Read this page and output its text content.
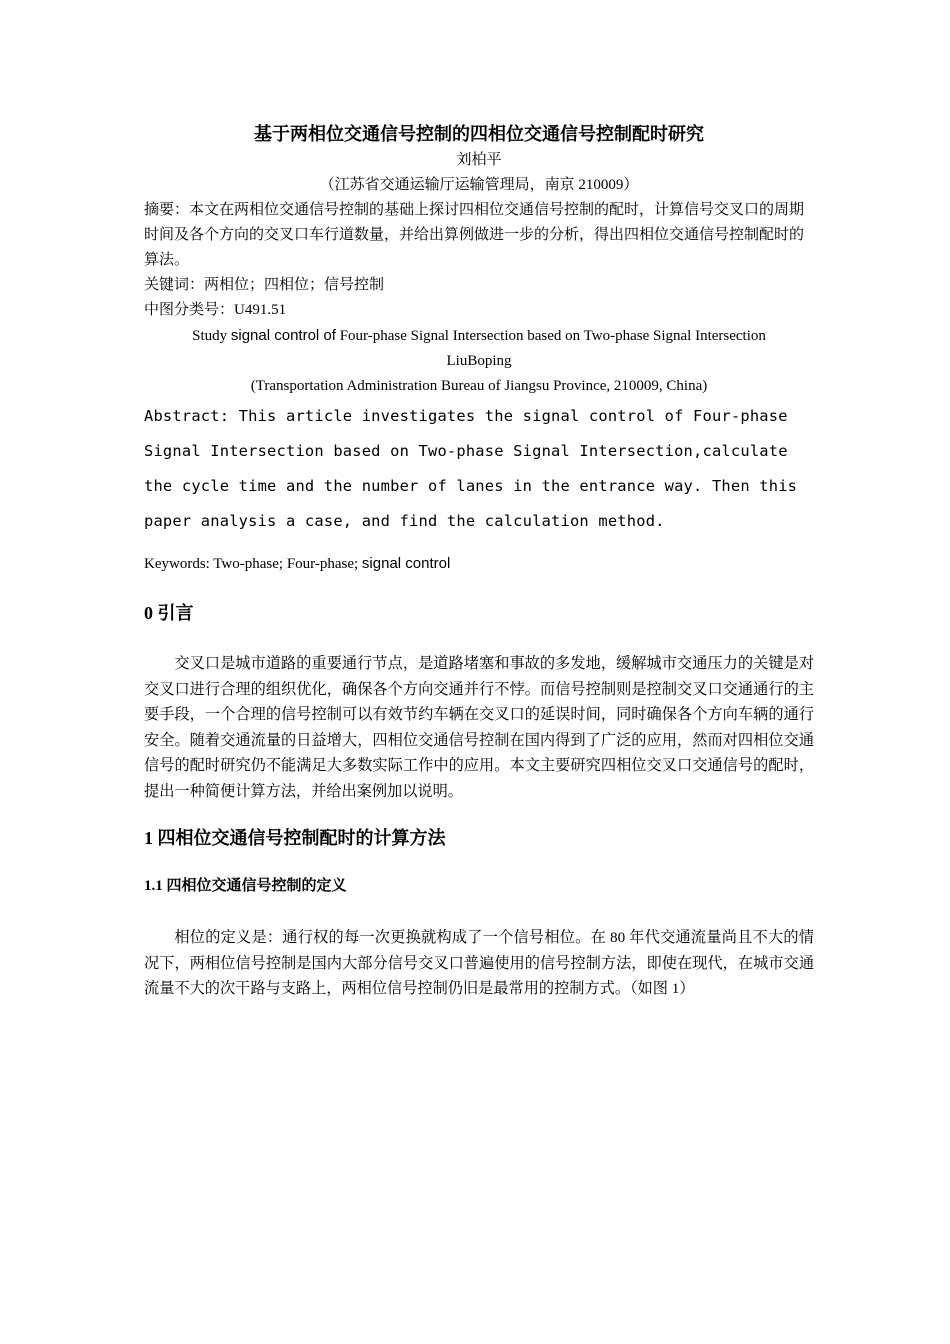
基于两相位交通信号控制的四相位交通信号控制配时研究

刘柏平

（江苏省交通运输厅运输管理局，南京 210009）

摘要：本文在两相位交通信号控制的基础上探讨四相位交通信号控制的配时，计算信号交叉口的周期时间及各个方向的交叉口车行道数量，并给出算例做进一步的分析，得出四相位交通信号控制配时的算法。

关键词：两相位；四相位；信号控制

中图分类号：U491.51

Study signal control of Four-phase Signal Intersection based on Two-phase Signal Intersection

LiuBoping

(Transportation Administration Bureau of Jiangsu Province, 210009, China)

Abstract: This article investigates the signal control of Four-phase

Signal Intersection based on Two-phase Signal Intersection,calculate

the cycle time and the number of lanes in the entrance way. Then this

paper analysis a case, and find the calculation method.

Keywords: Two-phase; Four-phase; signal control

0 引言

交叉口是城市道路的重要通行节点，是道路堵塞和事故的多发地，缓解城市交通压力的关键是对交叉口进行合理的组织优化，确保各个方向交通并行不悖。而信号控制则是控制交叉口交通通行的主要手段，一个合理的信号控制可以有效节约车辆在交叉口的延误时间，同时确保各个方向车辆的通行安全。随着交通流量的日益增大，四相位交通信号控制在国内得到了广泛的应用，然而对四相位交通信号的配时研究仍不能满足大多数实际工作中的应用。本文主要研究四相位交叉口交通信号的配时，提出一种简便计算方法，并给出案例加以说明。

1 四相位交通信号控制配时的计算方法

1.1 四相位交通信号控制的定义

相位的定义是：通行权的每一次更换就构成了一个信号相位。在 80 年代交通流量尚且不大的情况下，两相位信号控制是国内大部分信号交叉口普遍使用的信号控制方法，即使在现代，在城市交通流量不大的次干路与支路上，两相位信号控制仍旧是最常用的控制方式。（如图 1）
